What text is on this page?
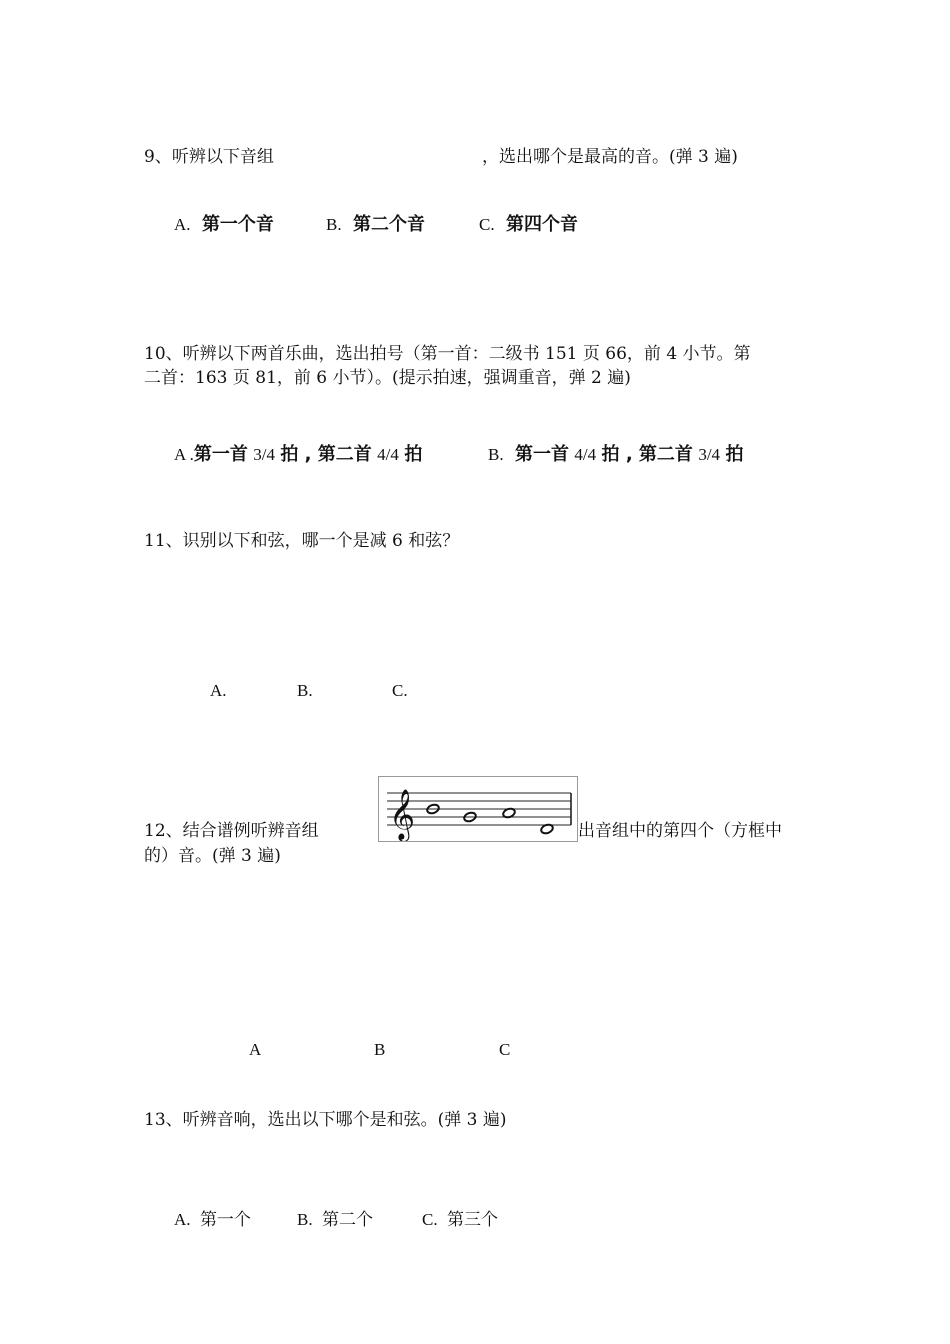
9、听辨以下音组	，选出哪个是最高的音。(弹 3 遍)
A. 第一个音	B. 第二个音	C. 第四个音
10、听辨以下两首乐曲，选出拍号（第一首：二级书 151 页 66，前 4 小节。第
二首：163 页 81，前 6 小节）。(提示拍速，强调重音，弹 2 遍)
A .第一首 3/4 拍 , 第二首 4/4 拍	B. 第一首 4/4 拍 , 第二首 3/4 拍
11、识别以下和弦，哪一个是减 6 和弦？
A.	B.	C.
12、结合谱例听辨音组 𝄞	出音组中的第四个（方框中
的）音。(弹 3 遍)
A	B	C
13、听辨音响，选出以下哪个是和弦。(弹 3 遍)
A. 第一个	B. 第二个	C. 第三个
